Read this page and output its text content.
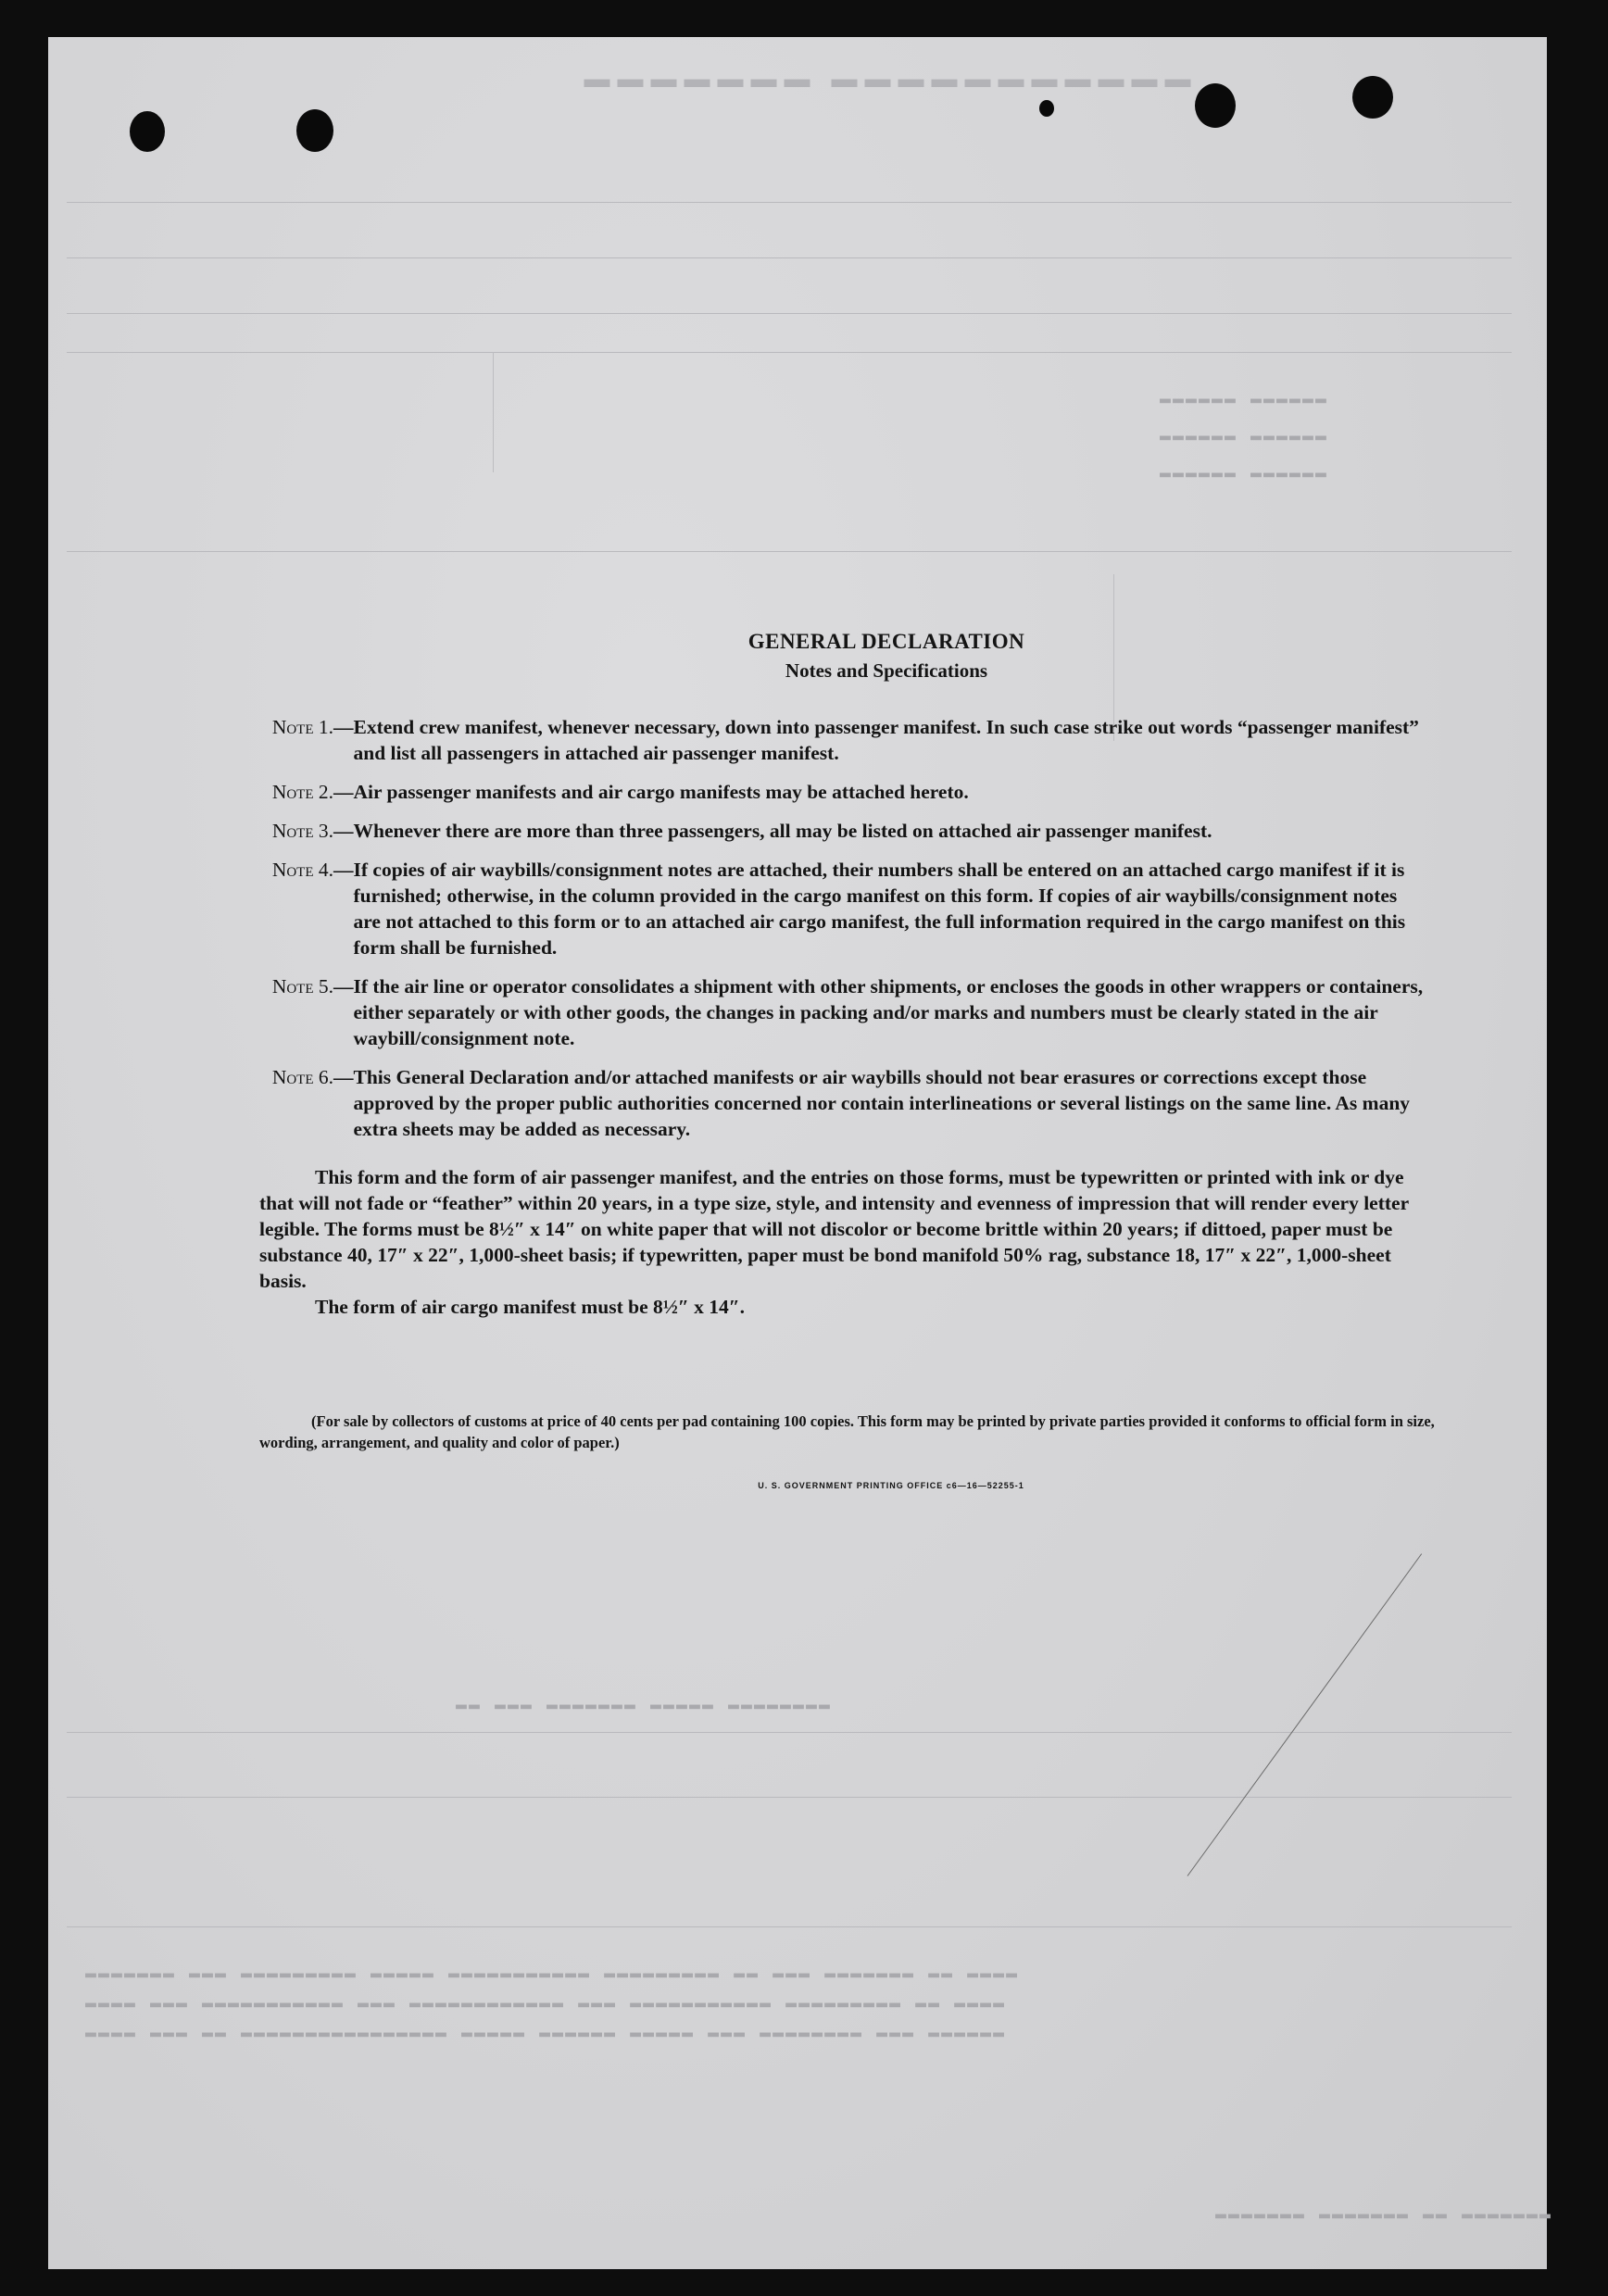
▬▬▬▬▬▬▬ ▬▬▬▬▬▬▬▬▬▬▬
▬▬▬▬▬▬ ▬▬▬▬▬▬
▬▬▬▬▬▬ ▬▬▬▬▬▬
▬▬▬▬▬▬ ▬▬▬▬▬▬
▬▬ ▬▬▬ ▬▬▬▬▬▬▬ ▬▬▬▬▬ ▬▬▬▬▬▬▬▬
▬▬▬▬▬▬▬ ▬▬▬ ▬▬▬▬▬▬▬▬▬ ▬▬▬▬▬ ▬▬▬▬▬▬▬▬▬▬▬ ▬▬▬▬▬▬▬▬▬ ▬▬ ▬▬▬ ▬▬▬▬▬▬▬ ▬▬ ▬▬▬▬
▬▬▬▬ ▬▬▬ ▬▬▬▬▬▬▬▬▬▬▬ ▬▬▬ ▬▬▬▬▬▬▬▬▬▬▬▬ ▬▬▬ ▬▬▬▬▬▬▬▬▬▬▬ ▬▬▬▬▬▬▬▬▬ ▬▬ ▬▬▬▬
▬▬▬▬ ▬▬▬ ▬▬ ▬▬▬▬▬▬▬▬▬▬▬▬▬▬▬▬ ▬▬▬▬▬ ▬▬▬▬▬▬ ▬▬▬▬▬ ▬▬▬ ▬▬▬▬▬▬▬▬ ▬▬▬ ▬▬▬▬▬▬
▬▬▬▬▬▬▬ ▬▬▬▬▬▬▬ ▬▬ ▬▬▬▬▬▬▬
GENERAL DECLARATION
Notes and Specifications
Note 1. — Extend crew manifest, whenever necessary, down into passenger manifest. In such case strike out words “passenger manifest” and list all passengers in attached air passenger manifest.
Note 2. — Air passenger manifests and air cargo manifests may be attached hereto.
Note 3. — Whenever there are more than three passengers, all may be listed on attached air passenger manifest.
Note 4. — If copies of air waybills/consignment notes are attached, their numbers shall be entered on an attached cargo manifest if it is furnished; otherwise, in the column provided in the cargo manifest on this form. If copies of air waybills/consignment notes are not attached to this form or to an attached air cargo manifest, the full information required in the cargo manifest on this form shall be furnished.
Note 5. — If the air line or operator consolidates a shipment with other shipments, or encloses the goods in other wrappers or containers, either separately or with other goods, the changes in packing and/or marks and numbers must be clearly stated in the air waybill/consignment note.
Note 6. — This General Declaration and/or attached manifests or air waybills should not bear erasures or corrections except those approved by the proper public authorities concerned nor contain interlineations or several listings on the same line. As many extra sheets may be added as necessary.
This form and the form of air passenger manifest, and the entries on those forms, must be typewritten or printed with ink or dye that will not fade or “feather” within 20 years, in a type size, style, and intensity and evenness of impression that will render every letter legible. The forms must be 8½″ x 14″ on white paper that will not discolor or become brittle within 20 years; if dittoed, paper must be substance 40, 17″ x 22″, 1,000-sheet basis; if typewritten, paper must be bond manifold 50% rag, substance 18, 17″ x 22″, 1,000-sheet basis.
The form of air cargo manifest must be 8½″ x 14″.
(For sale by collectors of customs at price of 40 cents per pad containing 100 copies. This form may be printed by private parties provided it conforms to official form in size, wording, arrangement, and quality and color of paper.)
U. S. GOVERNMENT PRINTING OFFICE c6—16—52255-1
